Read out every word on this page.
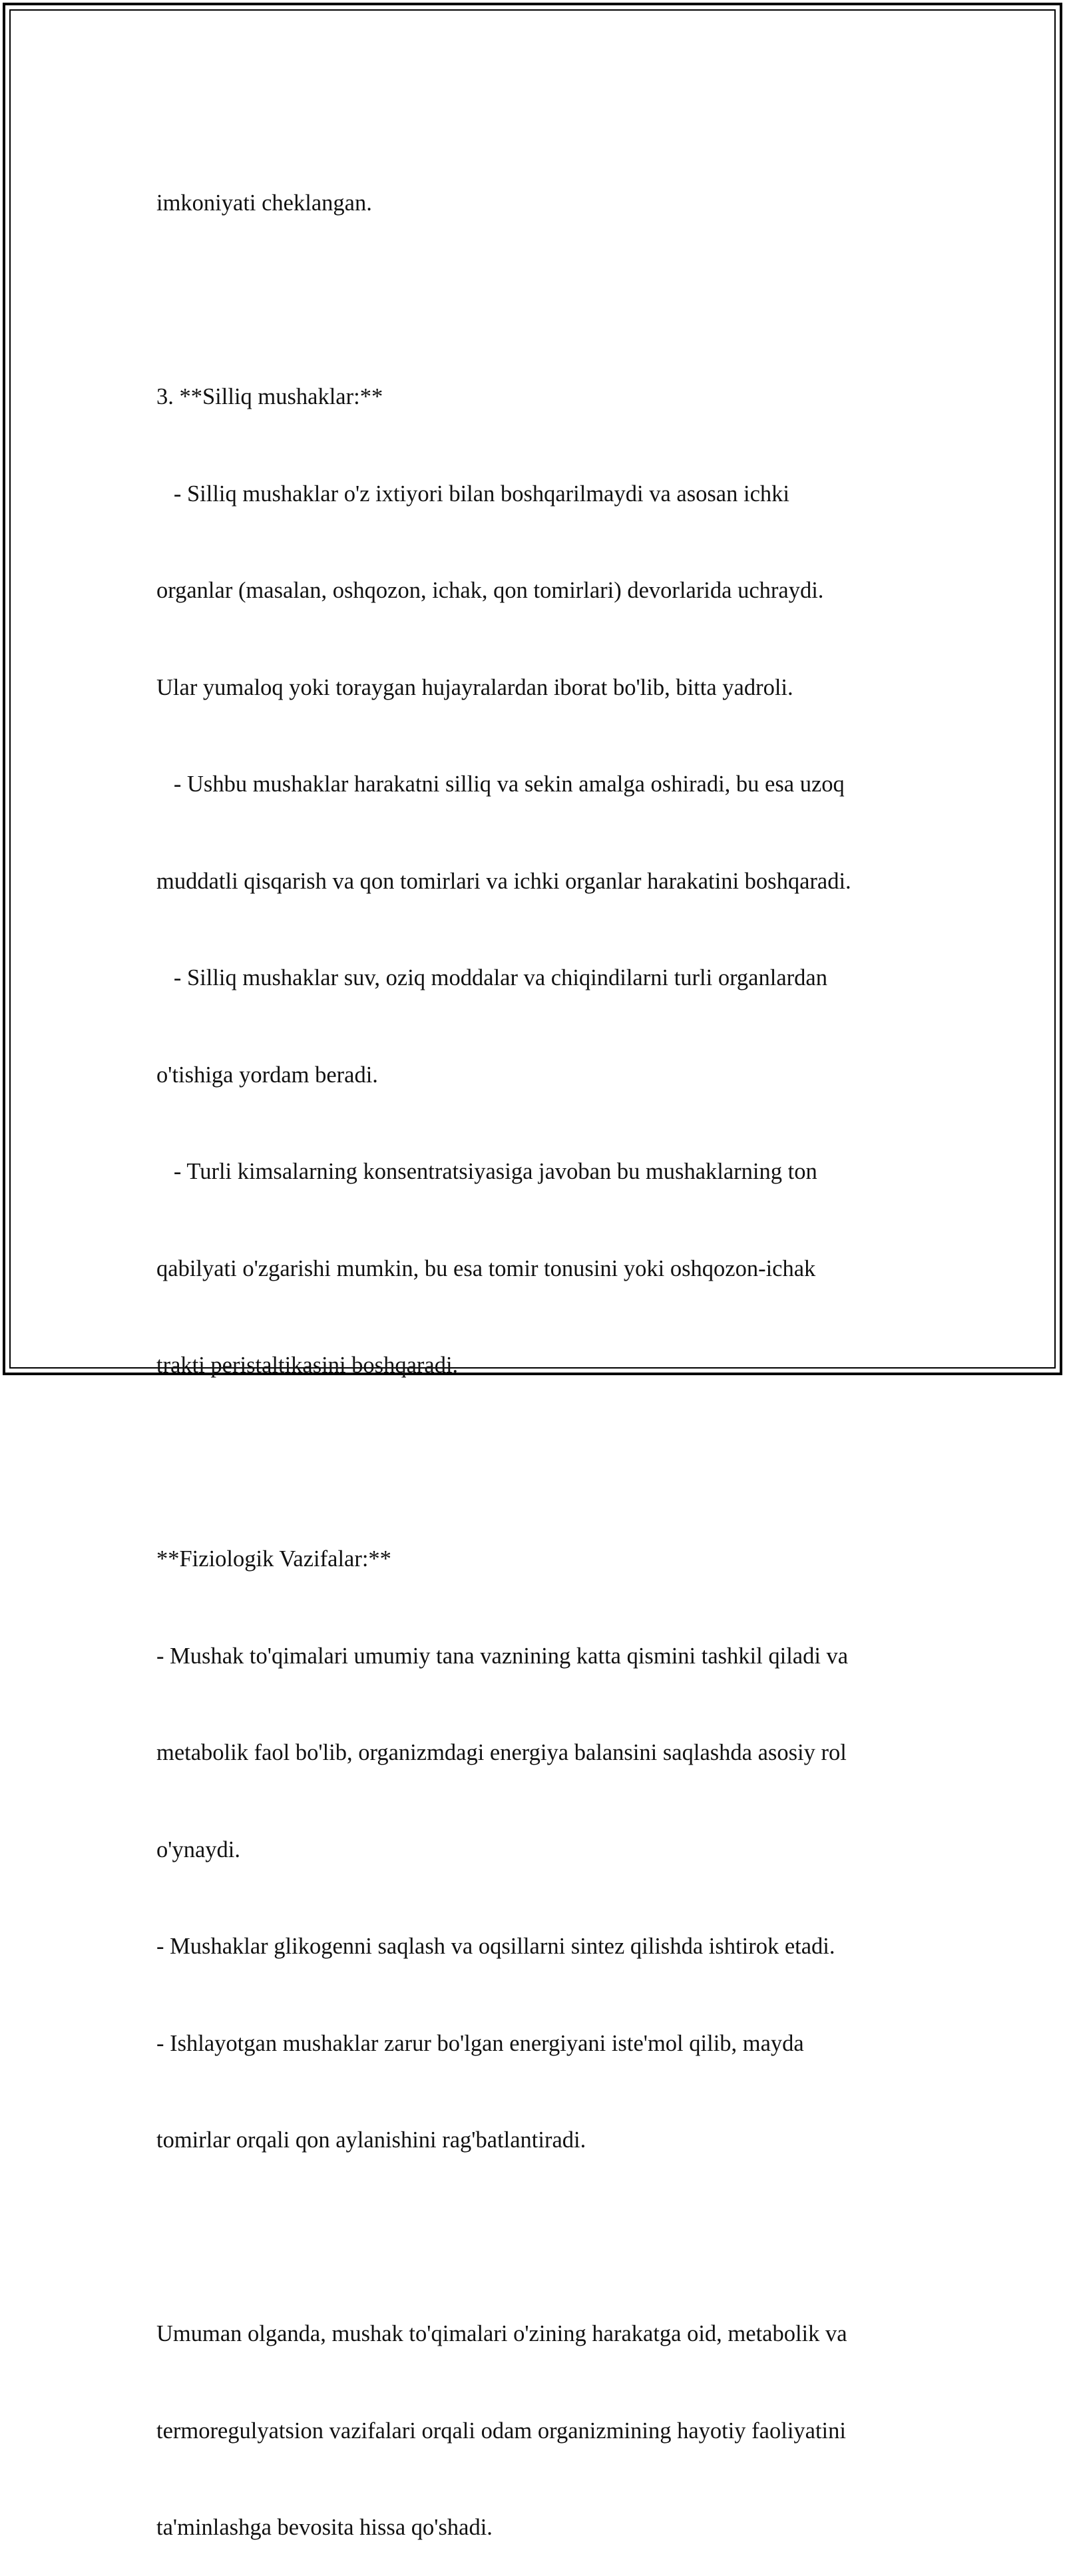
imkoniyati cheklangan.

3. **Silliq mushaklar:**

- Silliq mushaklar o'z ixtiyori bilan boshqarilmaydi va asosan ichki

organlar (masalan, oshqozon, ichak, qon tomirlari) devorlarida uchraydi.

Ular yumaloq yoki toraygan hujayralardan iborat bo'lib, bitta yadroli.

- Ushbu mushaklar harakatni silliq va sekin amalga oshiradi, bu esa uzoq

muddatli qisqarish va qon tomirlari va ichki organlar harakatini boshqaradi.

- Silliq mushaklar suv, oziq moddalar va chiqindilarni turli organlardan

o'tishiga yordam beradi.

- Turli kimsalarning konsentratsiyasiga javoban bu mushaklarning ton

qabilyati o'zgarishi mumkin, bu esa tomir tonusini yoki oshqozon-ichak

trakti peristaltikasini boshqaradi.

**Fiziologik Vazifalar:**

- Mushak to'qimalari umumiy tana vaznining katta qismini tashkil qiladi va

metabolik faol bo'lib, organizmdagi energiya balansini saqlashda asosiy rol

o'ynaydi.

- Mushaklar glikogenni saqlash va oqsillarni sintez qilishda ishtirok etadi.

- Ishlayotgan mushaklar zarur bo'lgan energiyani iste'mol qilib, mayda

tomirlar orqali qon aylanishini rag'batlantiradi.

Umuman olganda, mushak to'qimalari o'zining harakatga oid, metabolik va

termoregulyatsion vazifalari orqali odam organizmining hayotiy faoliyatini

ta'minlashga bevosita hissa qo'shadi.
